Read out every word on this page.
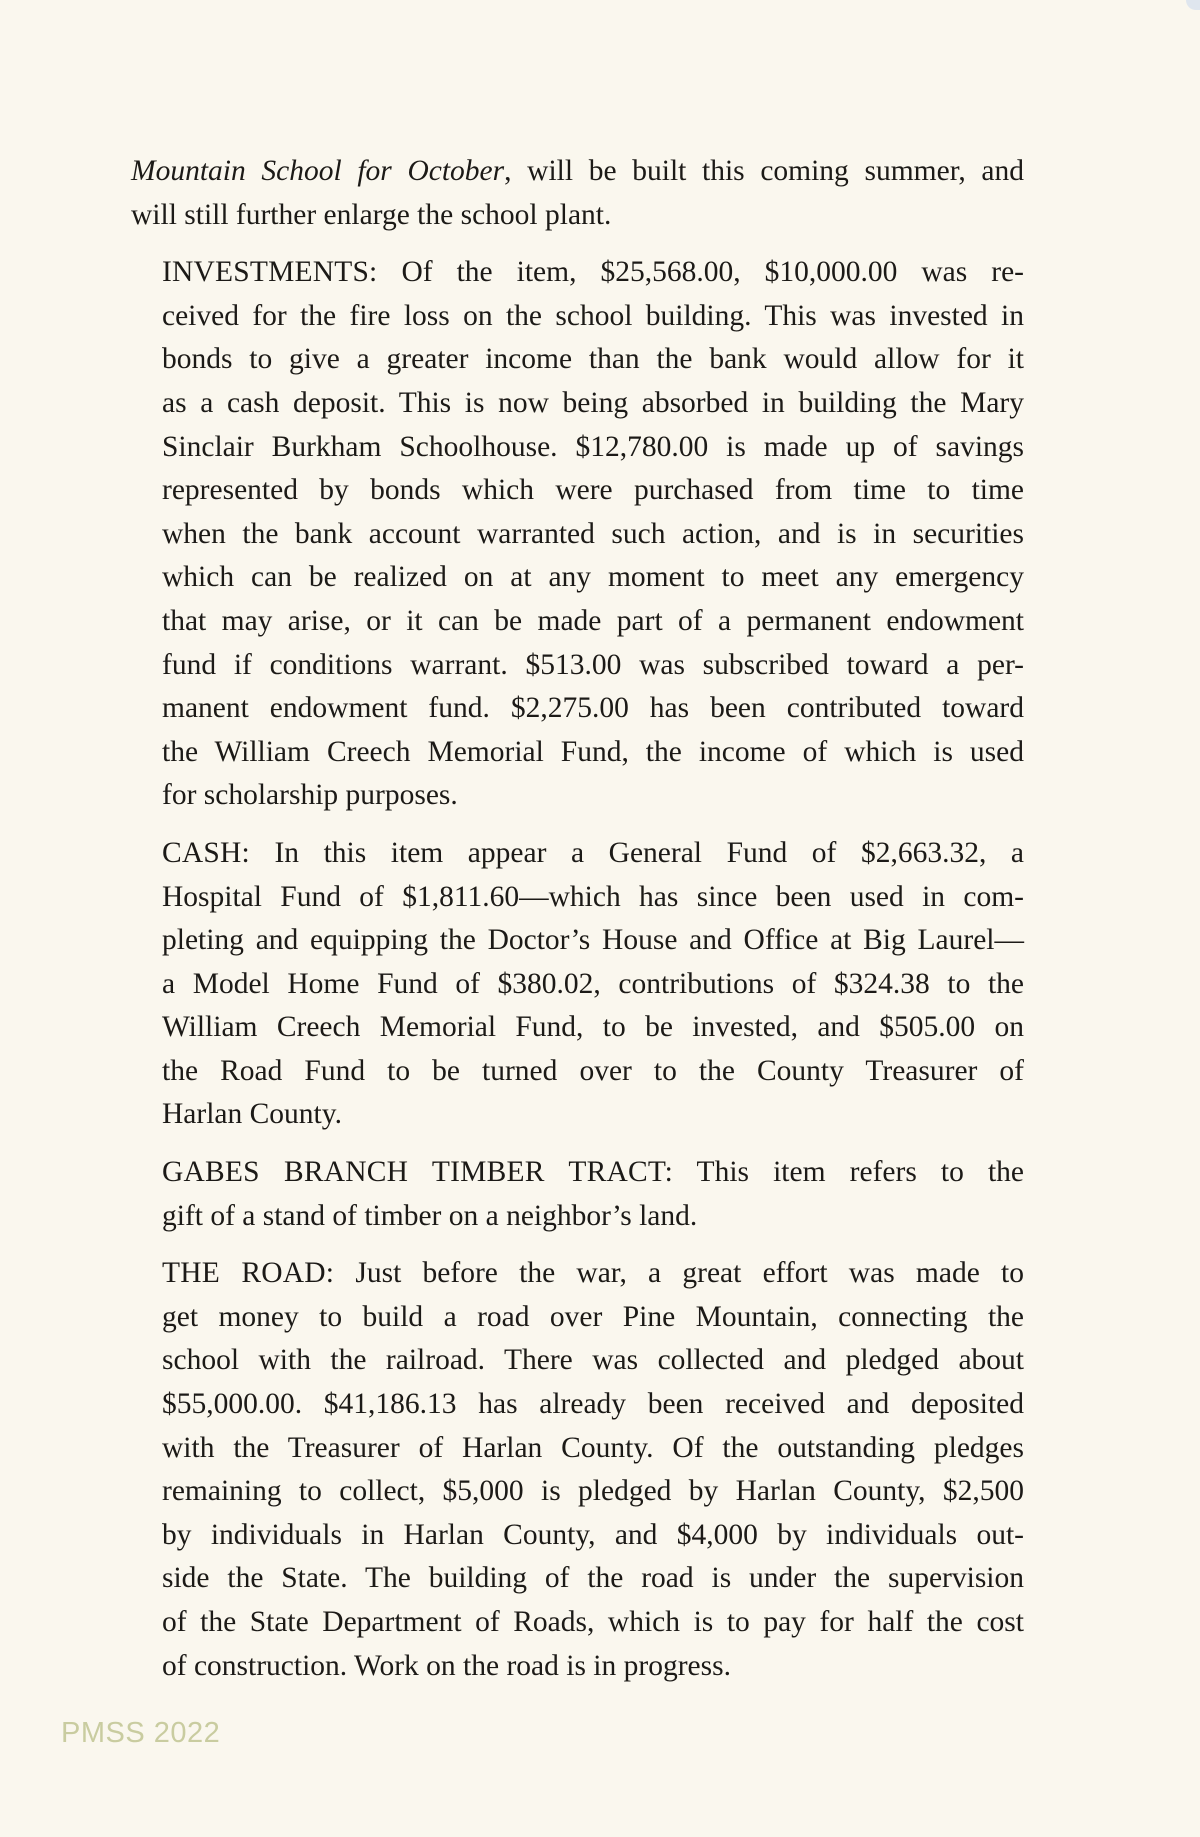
Mountain School for October, will be built this coming summer, and
will still further enlarge the school plant.

INVESTMENTS: Of the item, $25,568.00, $10,000.00 was re-
ceived for the fire loss on the school building. This was invested in
bonds to give a greater income than the bank would allow for it
as a cash deposit. This is now being absorbed in building the Mary
Sinclair Burkham Schoolhouse. $12,780.00 is made up of savings
represented by bonds which were purchased from time to time
when the bank account warranted such action, and is in securities
which can be realized on at any moment to meet any emergency
that may arise, or it can be made part of a permanent endowment
fund if conditions warrant. $513.00 was subscribed toward a per-
manent endowment fund. $2,275.00 has been contributed toward
the William Creech Memorial Fund, the income of which is used
for scholarship purposes.

CASH: In this item appear a General Fund of $2,663.32, a
Hospital Fund of $1,811.60—which has since been used in com-
pleting and equipping the Doctor’s House and Office at Big Laurel—
a Model Home Fund of $380.02, contributions of $324.38 to the
William Creech Memorial Fund, to be invested, and $505.00 on
the Road Fund to be turned over to the County Treasurer of
Harlan County.

GABES BRANCH TIMBER TRACT: This item refers to the
gift of a stand of timber on a neighbor’s land.

THE ROAD: Just before the war, a great effort was made to
get money to build a road over Pine Mountain, connecting the
school with the railroad. There was collected and pledged about
$55,000.00. $41,186.13 has already been received and deposited
with the Treasurer of Harlan County. Of the outstanding pledges
remaining to collect, $5,000 is pledged by Harlan County, $2,500
by individuals in Harlan County, and $4,000 by individuals out-
side the State. The building of the road is under the supervision
of the State Department of Roads, which is to pay for half the cost
of construction. Work on the road is in progress.

PMSS 2022
